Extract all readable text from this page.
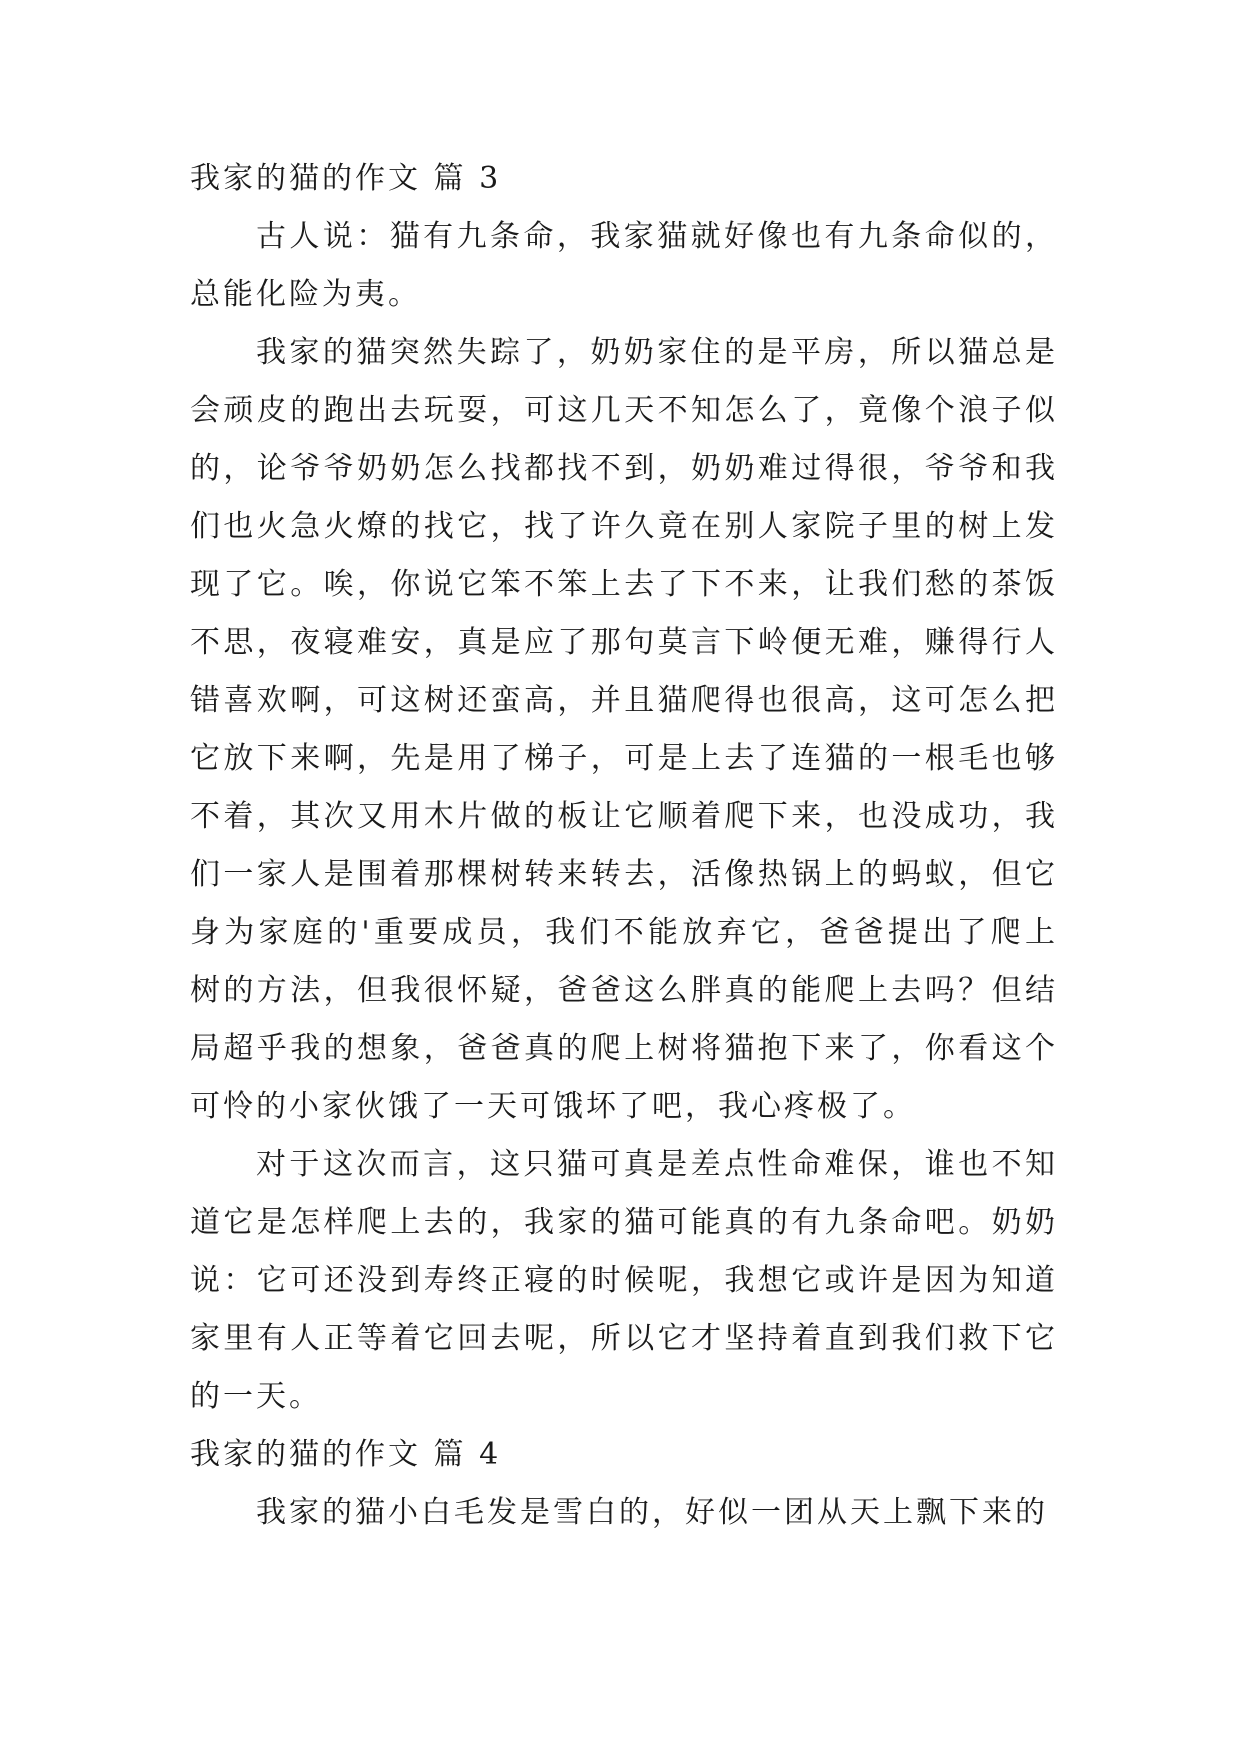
我家的猫的作文 篇 3

古人说：猫有九条命，我家猫就好像也有九条命似的，总能化险为夷。

我家的猫突然失踪了，奶奶家住的是平房，所以猫总是会顽皮的跑出去玩耍，可这几天不知怎么了，竟像个浪子似的，论爷爷奶奶怎么找都找不到，奶奶难过得很，爷爷和我们也火急火燎的找它，找了许久竟在别人家院子里的树上发现了它。唉，你说它笨不笨上去了下不来，让我们愁的茶饭不思，夜寝难安，真是应了那句莫言下岭便无难，赚得行人错喜欢啊，可这树还蛮高，并且猫爬得也很高，这可怎么把它放下来啊，先是用了梯子，可是上去了连猫的一根毛也够不着，其次又用木片做的板让它顺着爬下来，也没成功，我们一家人是围着那棵树转来转去，活像热锅上的蚂蚁，但它身为家庭的'重要成员，我们不能放弃它，爸爸提出了爬上树的方法，但我很怀疑，爸爸这么胖真的能爬上去吗？但结局超乎我的想象，爸爸真的爬上树将猫抱下来了，你看这个可怜的小家伙饿了一天可饿坏了吧，我心疼极了。

对于这次而言，这只猫可真是差点性命难保，谁也不知道它是怎样爬上去的，我家的猫可能真的有九条命吧。奶奶说：它可还没到寿终正寝的时候呢，我想它或许是因为知道家里有人正等着它回去呢，所以它才坚持着直到我们救下它的一天。

我家的猫的作文 篇 4

我家的猫小白毛发是雪白的，好似一团从天上飘下来的
